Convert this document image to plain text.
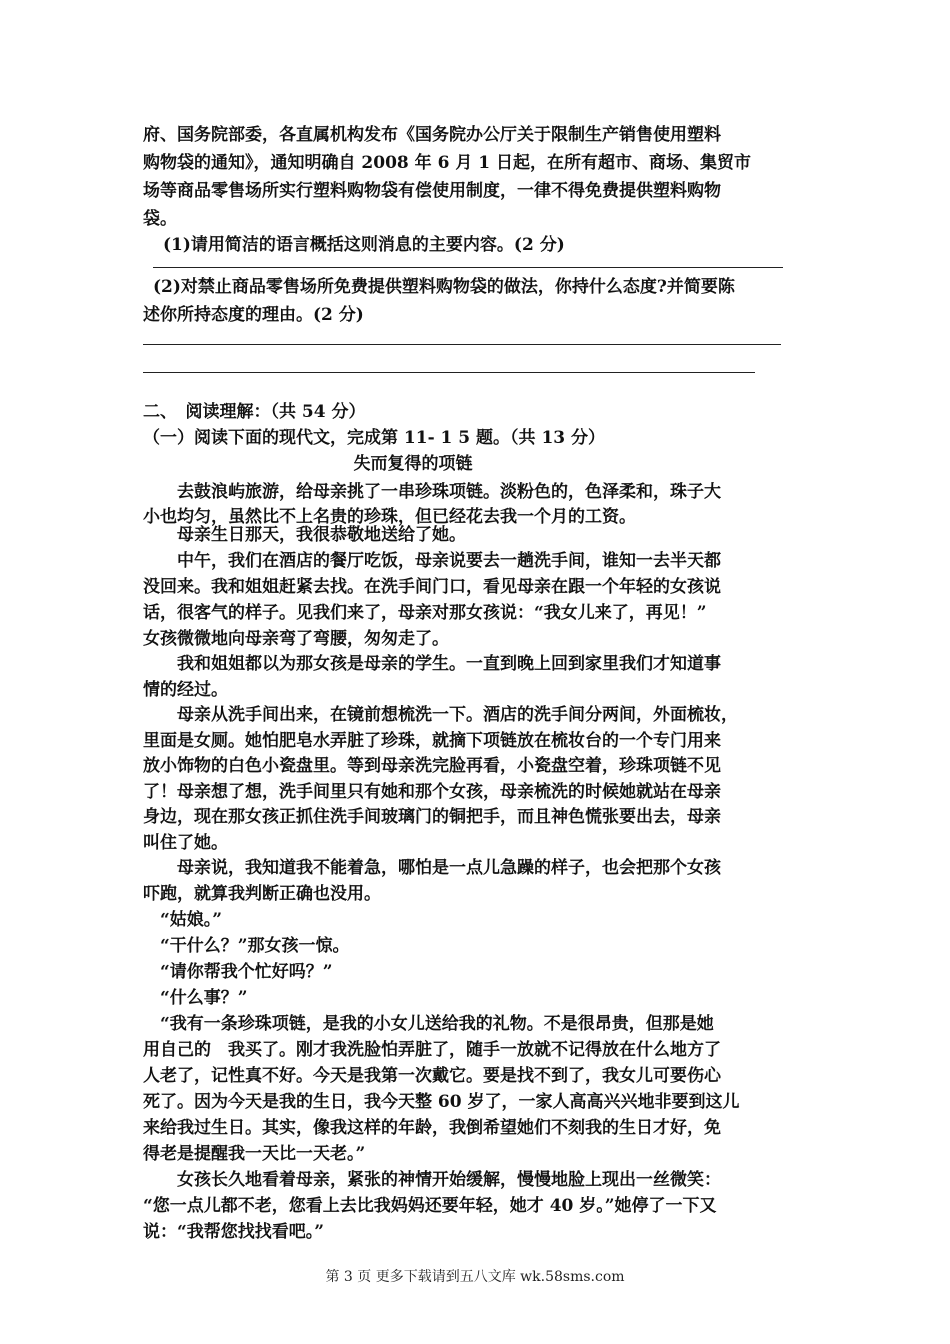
府、国务院部委，各直属机构发布《国务院办公厅关于限制生产销售使用塑料
购物袋的通知》，通知明确自 2008 年 6 月 1 日起，在所有超市、商场、集贸市
场等商品零售场所实行塑料购物袋有偿使用制度，一律不得免费提供塑料购物
袋。
(1)请用简洁的语言概括这则消息的主要内容。(2 分)
(2)对禁止商品零售场所免费提供塑料购物袋的做法，你持什么态度?并简要陈
述你所持态度的理由。(2 分)
二、　阅读理解：（共 54 分）
（一）阅读下面的现代文，完成第 11- 1 5 题。（共 13 分）
失而复得的项链
　　去鼓浪屿旅游，给母亲挑了一串珍珠项链。淡粉色的，色泽柔和，珠子大
小也均匀，虽然比不上名贵的珍珠，但已经花去我一个月的工资。
　　母亲生日那天，我很恭敬地送给了她。
　　中午，我们在酒店的餐厅吃饭，母亲说要去一趟洗手间，谁知一去半天都
没回来。我和姐姐赶紧去找。在洗手间门口，看见母亲在跟一个年轻的女孩说
话，很客气的样子。见我们来了，母亲对那女孩说：“我女儿来了，再见！”
女孩微微地向母亲弯了弯腰，匆匆走了。
　　我和姐姐都以为那女孩是母亲的学生。一直到晚上回到家里我们才知道事
情的经过。
　　母亲从洗手间出来，在镜前想梳洗一下。酒店的洗手间分两间，外面梳妆，
里面是女厕。她怕肥皂水弄脏了珍珠，就摘下项链放在梳妆台的一个专门用来
放小饰物的白色小瓷盘里。等到母亲洗完脸再看，小瓷盘空着，珍珠项链不见
了！母亲想了想，洗手间里只有她和那个女孩，母亲梳洗的时候她就站在母亲
身边，现在那女孩正抓住洗手间玻璃门的铜把手，而且神色慌张要出去，母亲
叫住了她。
　　母亲说，我知道我不能着急，哪怕是一点儿急躁的样子，也会把那个女孩
吓跑，就算我判断正确也没用。
　“姑娘。”
　“干什么？”那女孩一惊。
　“请你帮我个忙好吗？”
　“什么事？”
　“我有一条珍珠项链，是我的小女儿送给我的礼物。不是很昂贵，但那是她
用自己的　我买了。刚才我洗脸怕弄脏了，随手一放就不记得放在什么地方了
人老了，记性真不好。今天是我第一次戴它。要是找不到了，我女儿可要伤心
死了。因为今天是我的生日，我今天整 60 岁了，一家人高高兴兴地非要到这儿
来给我过生日。其实，像我这样的年龄，我倒希望她们不刻我的生日才好，免
得老是提醒我一天比一天老。”
　　女孩长久地看着母亲，紧张的神情开始缓解，慢慢地脸上现出一丝微笑：
“您一点儿都不老，您看上去比我妈妈还要年轻，她才 40 岁。”她停了一下又
说：“我帮您找找看吧。”
第 3 页 更多下载请到五八文库 wk.58sms.com
